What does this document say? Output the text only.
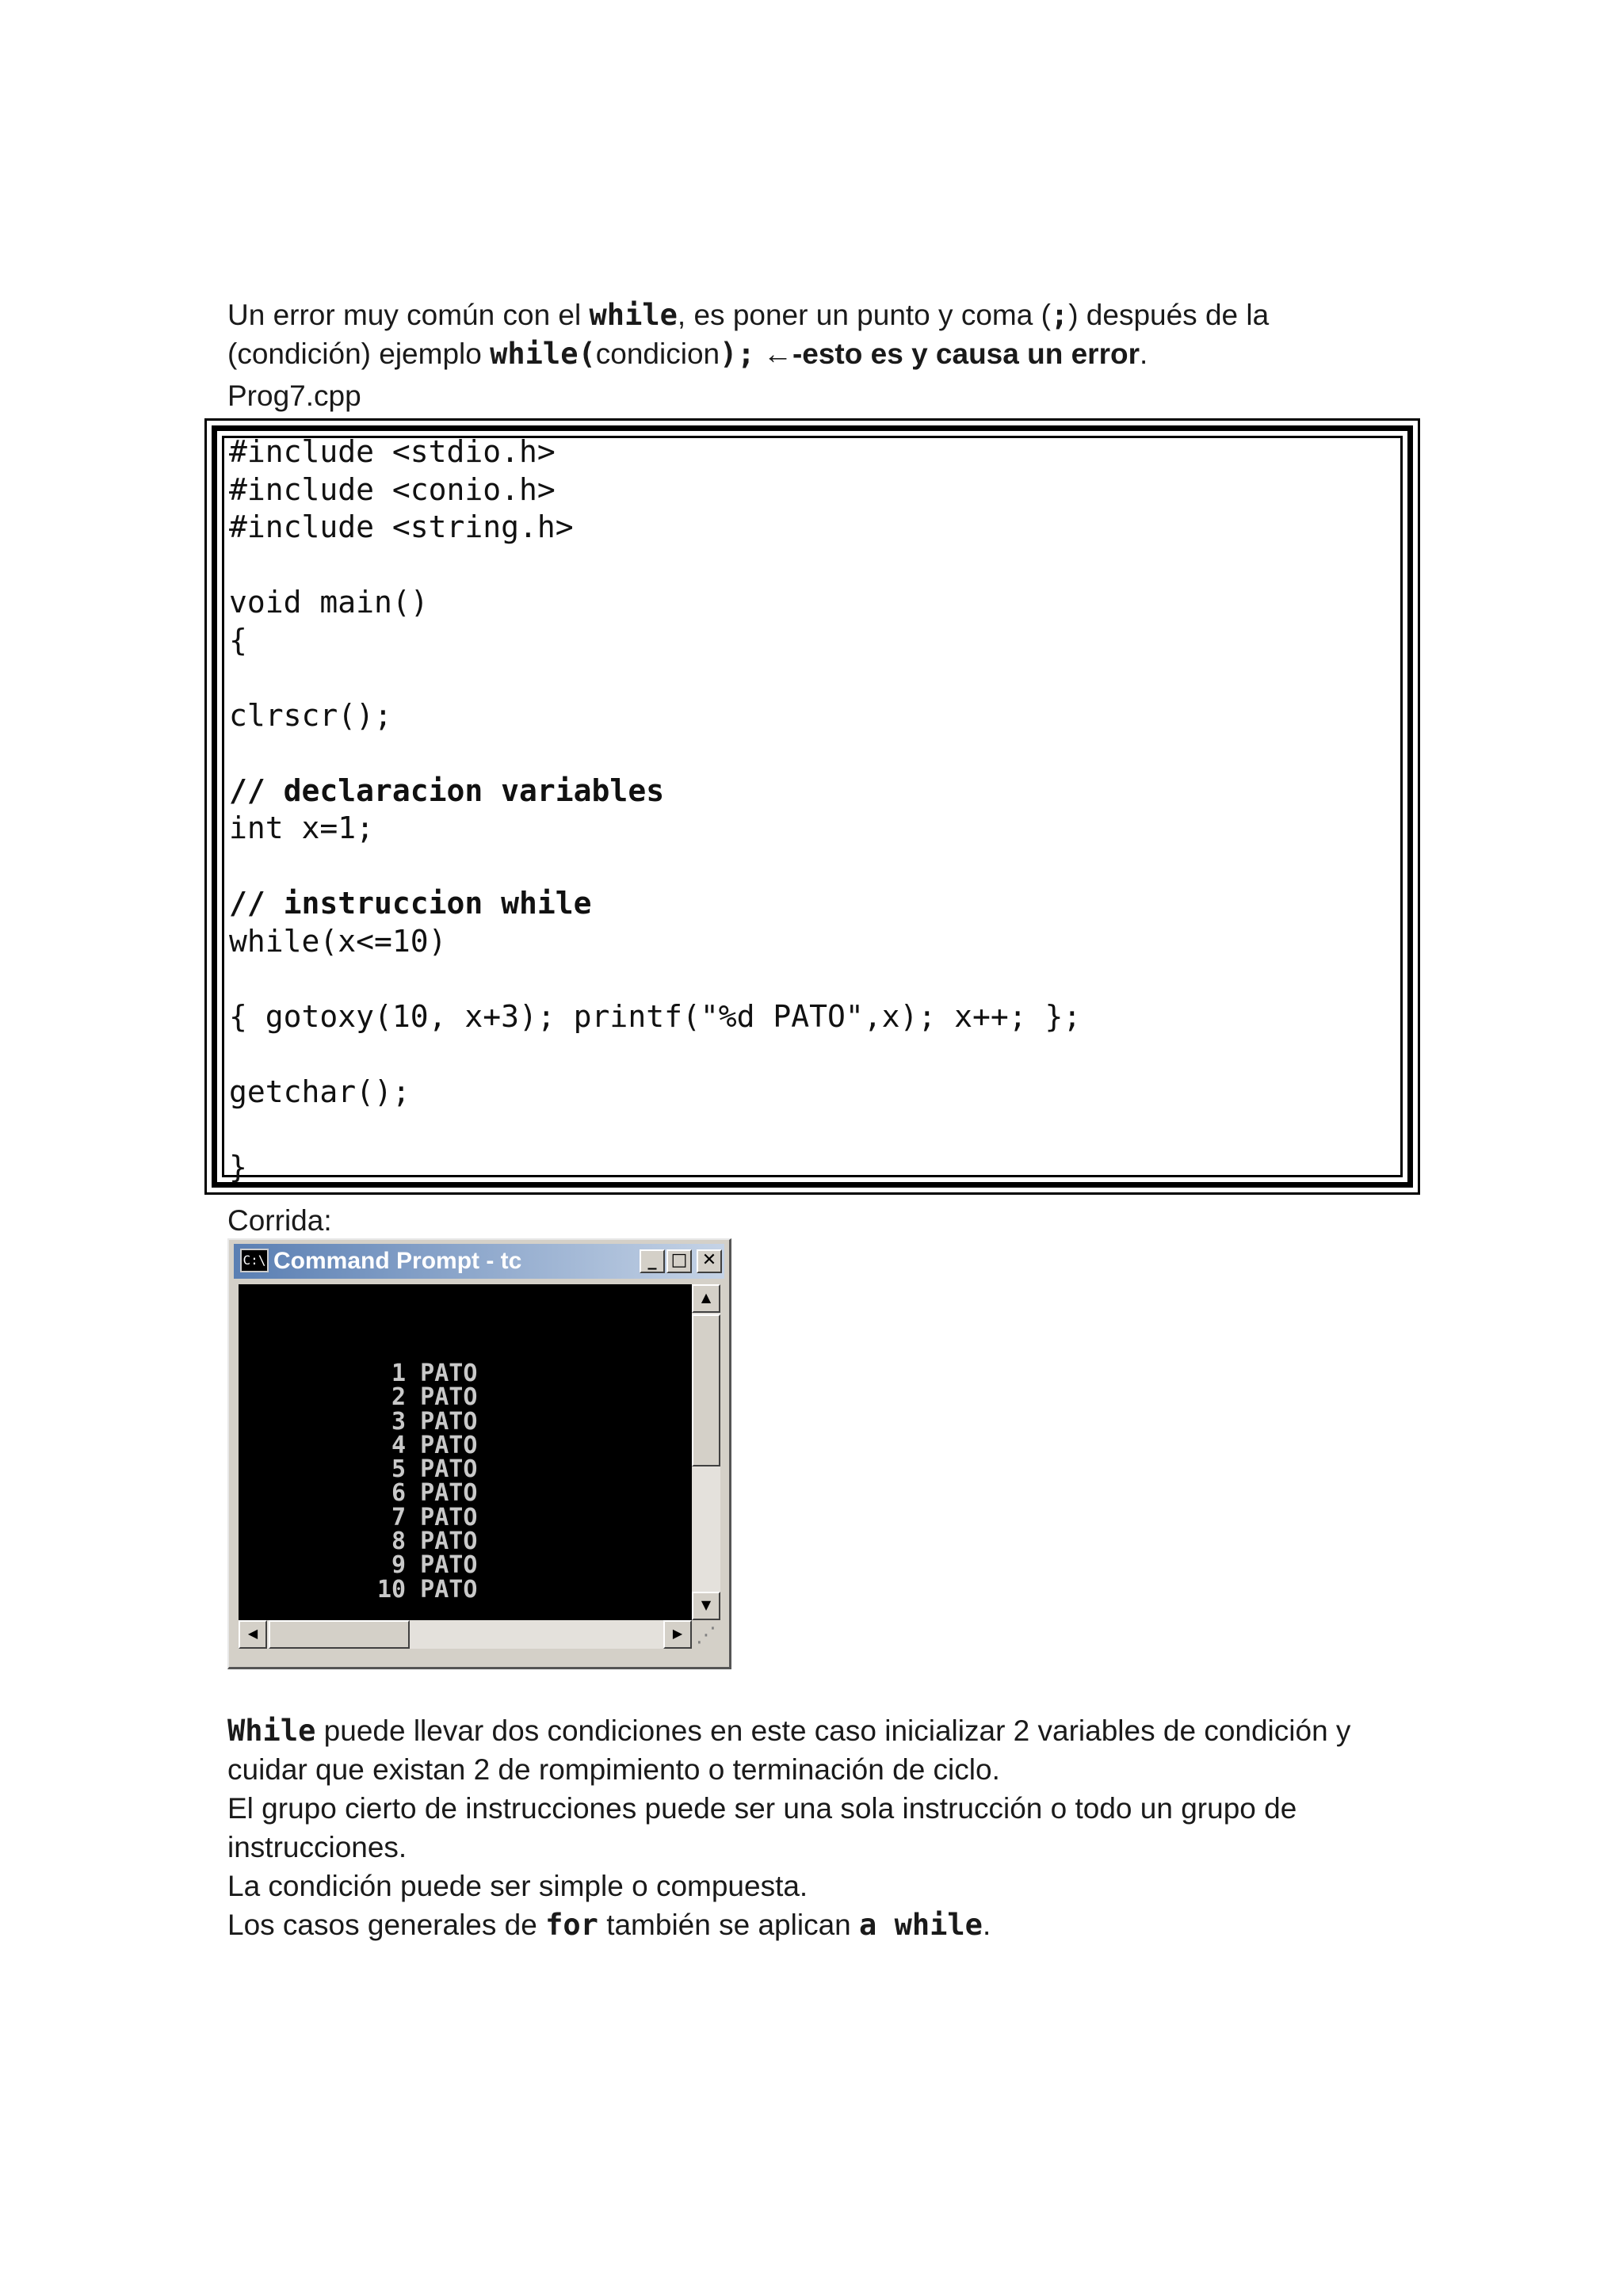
Un error muy común con el while, es poner un punto y coma (;) después de la (condición) ejemplo while(condicion); ←-esto es y causa un error.
Prog7.cpp
#include <stdio.h>
#include <conio.h>
#include <string.h>
void main()
{
clrscr();
// declaracion variables
int x=1;
// instruccion while
while(x<=10)
{ gotoxy(10, x+3); printf("%d PATO",x); x++; };
getchar();
}
Corrida:
C:\ Command Prompt - tc	_ □ ✕
1 PATO
2 PATO
3 PATO
4 PATO
5 PATO
6 PATO
7 PATO
8 PATO
9 PATO
10 PATO
▲
▼
◀	▶ ⋰

While puede llevar dos condiciones en este caso inicializar 2 variables de condición y cuidar que existan 2 de rompimiento o terminación de ciclo.

El grupo cierto de instrucciones puede ser una sola instrucción o todo un grupo de instrucciones.

La condición puede ser simple o compuesta.

Los casos generales de for también se aplican a while.
